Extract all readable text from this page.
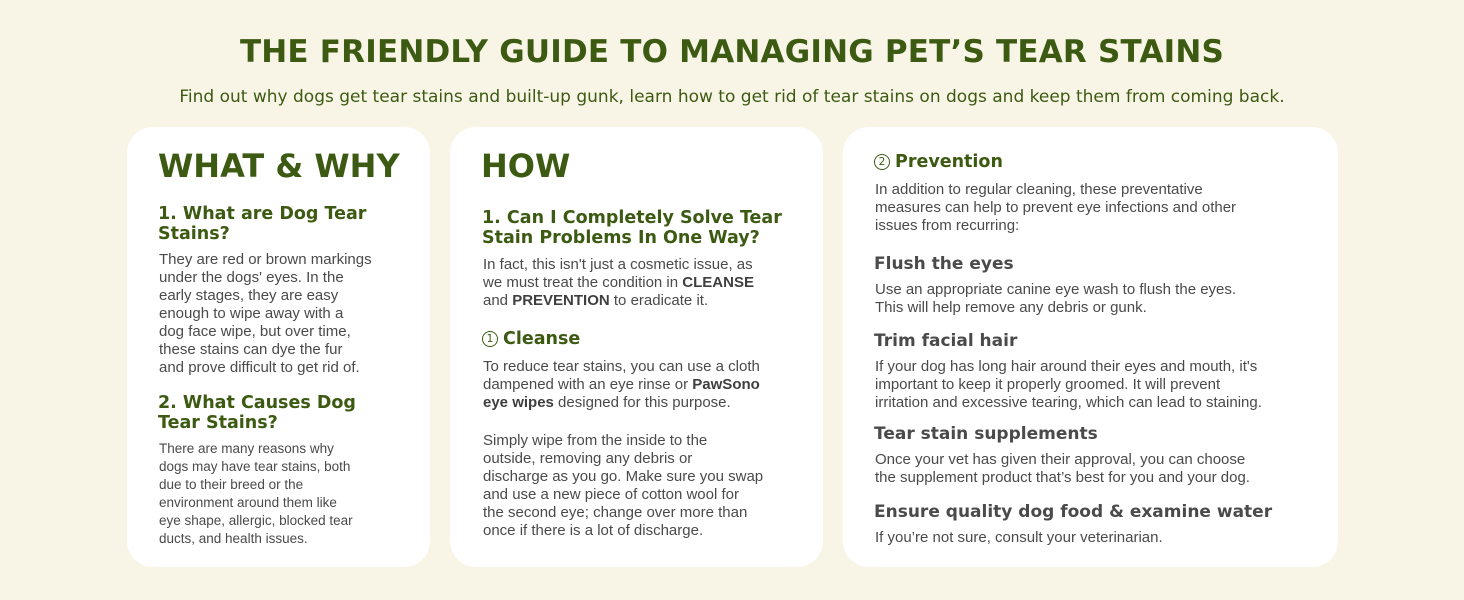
THE FRIENDLY GUIDE TO MANAGING PET’S TEAR STAINS

Find out why dogs get tear stains and built-up gunk, learn how to get rid of tear stains on dogs and keep them from coming back.

WHAT & WHY
1. What are Dog Tear
Stains?
They are red or brown markings
under the dogs' eyes. In the
early stages, they are easy
enough to wipe away with a
dog face wipe, but over time,
these stains can dye the fur
and prove difficult to get rid of.
2. What Causes Dog
Tear Stains?
There are many reasons why
dogs may have tear stains, both
due to their breed or the
environment around them like
eye shape, allergic, blocked tear
ducts, and health issues.
HOW
1. Can I Completely Solve Tear
Stain Problems In One Way?
In fact, this isn't just a cosmetic issue, as
we must treat the condition in CLEANSE
and PREVENTION to eradicate it.
1 Cleanse
To reduce tear stains, you can use a cloth
dampened with an eye rinse or PawSono
eye wipes designed for this purpose.
Simply wipe from the inside to the
outside, removing any debris or
discharge as you go. Make sure you swap
and use a new piece of cotton wool for
the second eye; change over more than
once if there is a lot of discharge.
2 Prevention
In addition to regular cleaning, these preventative
measures can help to prevent eye infections and other
issues from recurring:
Flush the eyes
Use an appropriate canine eye wash to flush the eyes.
This will help remove any debris or gunk.
Trim facial hair
If your dog has long hair around their eyes and mouth, it's
important to keep it properly groomed. It will prevent
irritation and excessive tearing, which can lead to staining.
Tear stain supplements
Once your vet has given their approval, you can choose
the supplement product that’s best for you and your dog.
Ensure quality dog food & examine water
If you’re not sure, consult your veterinarian.
